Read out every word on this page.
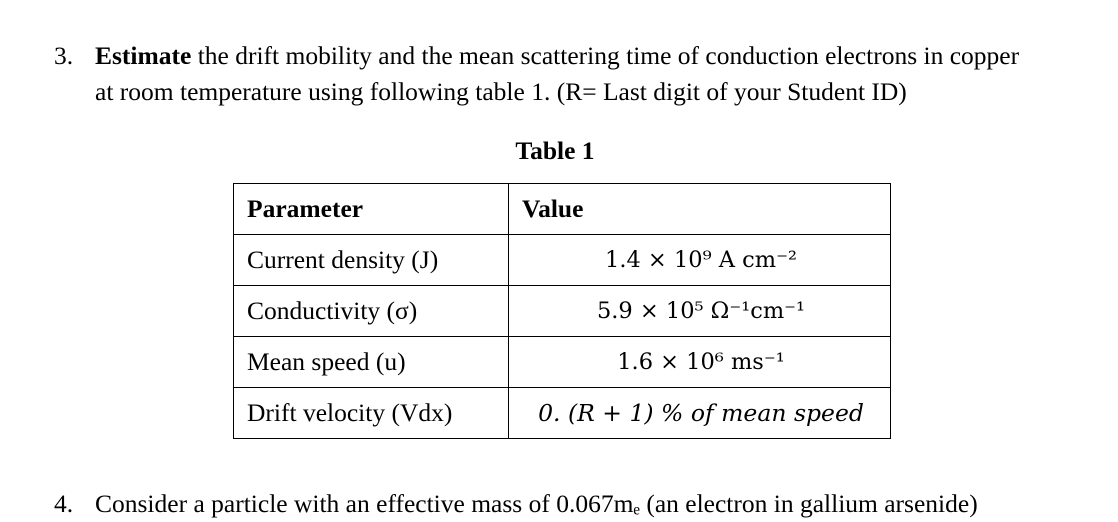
3. Estimate the drift mobility and the mean scattering time of conduction electrons in copper
at room temperature using following table 1. (R= Last digit of your Student ID)
Table 1
Parameter	Value
Current density (J)	1.4 × 10⁹ A cm⁻²
Conductivity (σ)	5.9 × 10⁵ Ω⁻¹cm⁻¹
Mean speed (u)	1.6 × 10⁶ ms⁻¹
Drift velocity (Vdx)	0. (R + 1) % of mean speed
4. Consider a particle with an effective mass of 0.067mₑ (an electron in gallium arsenide)
